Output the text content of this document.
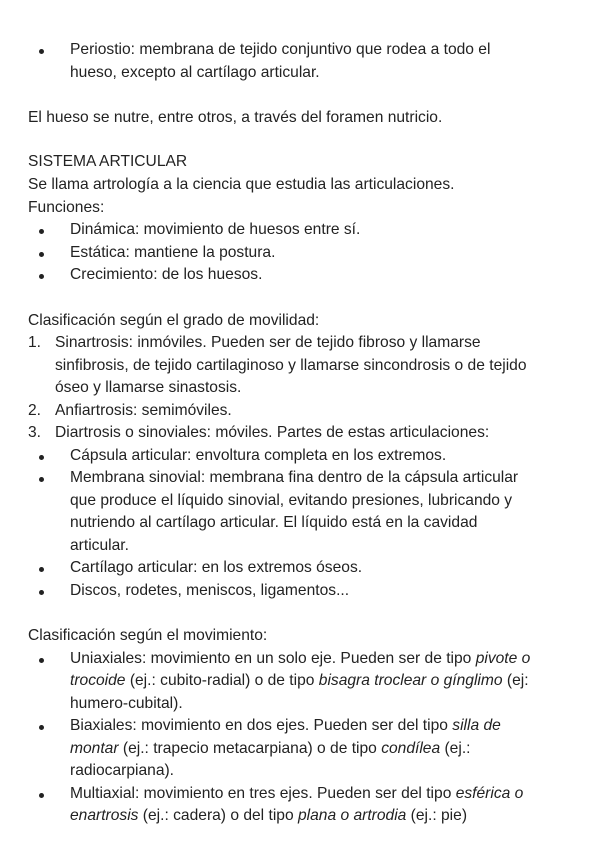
Periostio: membrana de tejido conjuntivo que rodea a todo el
hueso, excepto al cartílago articular.
El hueso se nutre, entre otros, a través del foramen nutricio.
SISTEMA ARTICULAR
Se llama artrología a la ciencia que estudia las articulaciones.
Funciones:
Dinámica: movimiento de huesos entre sí.
Estática: mantiene la postura.
Crecimiento: de los huesos.
Clasificación según el grado de movilidad:
1. Sinartrosis: inmóviles. Pueden ser de tejido fibroso y llamarse
sinfibrosis, de tejido cartilaginoso y llamarse sincondrosis o de tejido
óseo y llamarse sinastosis.
2. Anfiartrosis: semimóviles.
3. Diartrosis o sinoviales: móviles. Partes de estas articulaciones:
Cápsula articular: envoltura completa en los extremos.
Membrana sinovial: membrana fina dentro de la cápsula articular
que produce el líquido sinovial, evitando presiones, lubricando y
nutriendo al cartílago articular. El líquido está en la cavidad
articular.
Cartílago articular: en los extremos óseos.
Discos, rodetes, meniscos, ligamentos...
Clasificación según el movimiento:
Uniaxiales: movimiento en un solo eje. Pueden ser de tipo pivote o
trocoide (ej.: cubito-radial) o de tipo bisagra troclear o gínglimo (ej:
humero-cubital).
Biaxiales: movimiento en dos ejes. Pueden ser del tipo silla de
montar (ej.: trapecio metacarpiana) o de tipo condílea (ej.:
radiocarpiana).
Multiaxial: movimiento en tres ejes. Pueden ser del tipo esférica o
enartrosis (ej.: cadera) o del tipo plana o artrodia (ej.: pie)
